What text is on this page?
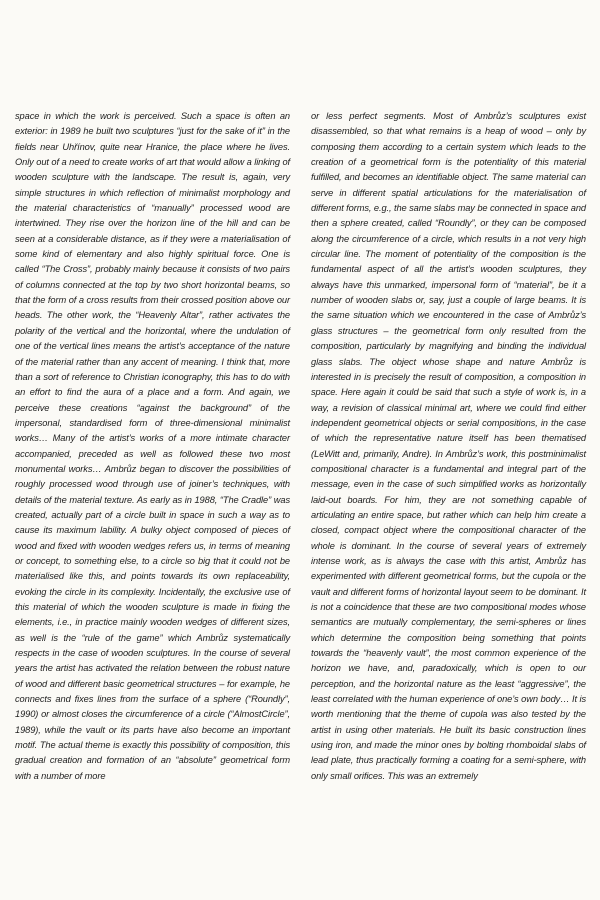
space in which the work is perceived. Such a space is often an exterior: in 1989 he built two sculptures “just for the sake of it” in the fields near Uhřínov, quite near Hranice, the place where he lives. Only out of a need to create works of art that would allow a linking of wooden sculpture with the landscape. The result is, again, very simple structures in which reflection of minimalist morphology and the material characteristics of “manually” processed wood are intertwined. They rise over the horizon line of the hill and can be seen at a considerable distance, as if they were a materialisation of some kind of elementary and also highly spiritual force. One is called “The Cross”, probably mainly because it consists of two pairs of columns connected at the top by two short horizontal beams, so that the form of a cross results from their crossed position above our heads. The other work, the “Heavenly Altar”, rather activates the polarity of the vertical and the horizontal, where the undulation of one of the vertical lines means the artist’s acceptance of the nature of the material rather than any accent of meaning. I think that, more than a sort of reference to Christian iconography, this has to do with an effort to find the aura of a place and a form. And again, we perceive these creations “against the background” of the impersonal, standardised form of three-dimensional minimalist works… Many of the artist’s works of a more intimate character accompanied, preceded as well as followed these two most monumental works… Ambrůz began to discover the possibilities of roughly processed wood through use of joiner’s techniques, with details of the material texture. As early as in 1988, “The Cradle” was created, actually part of a circle built in space in such a way as to cause its maximum lability. A bulky object composed of pieces of wood and fixed with wooden wedges refers us, in terms of meaning or concept, to something else, to a circle so big that it could not be materialised like this, and points towards its own replaceability, evoking the circle in its complexity. Incidentally, the exclusive use of this material of which the wooden sculpture is made in fixing the elements, i.e., in practice mainly wooden wedges of different sizes, as well is the “rule of the game” which Ambrůz systematically respects in the case of wooden sculptures. In the course of several years the artist has activated the relation between the robust nature of wood and different basic geometrical structures – for example, he connects and fixes lines from the surface of a sphere (“Roundly”, 1990) or almost closes the circumference of a circle (“AlmostCircle”, 1989), while the vault or its parts have also become an important motif. The actual theme is exactly this possibility of composition, this gradual creation and formation of an “absolute” geometrical form with a number of more

or less perfect segments. Most of Ambrůz’s sculptures exist disassembled, so that what remains is a heap of wood – only by composing them according to a certain system which leads to the creation of a geometrical form is the potentiality of this material fulfilled, and becomes an identifiable object. The same material can serve in different spatial articulations for the materialisation of different forms, e.g., the same slabs may be connected in space and then a sphere created, called “Roundly”, or they can be composed along the circumference of a circle, which results in a not very high circular line. The moment of potentiality of the composition is the fundamental aspect of all the artist’s wooden sculptures, they always have this unmarked, impersonal form of “material”, be it a number of wooden slabs or, say, just a couple of large beams. It is the same situation which we encountered in the case of Ambrůz’s glass structures – the geometrical form only resulted from the composition, particularly by magnifying and binding the individual glass slabs. The object whose shape and nature Ambrůz is interested in is precisely the result of composition, a composition in space. Here again it could be said that such a style of work is, in a way, a revision of classical minimal art, where we could find either independent geometrical objects or serial compositions, in the case of which the representative nature itself has been thematised (LeWitt and, primarily, Andre). In Ambrůz’s work, this postminimalist compositional character is a fundamental and integral part of the message, even in the case of such simplified works as horizontally laid-out boards. For him, they are not something capable of articulating an entire space, but rather which can help him create a closed, compact object where the compositional character of the whole is dominant. In the course of several years of extremely intense work, as is always the case with this artist, Ambrůz has experimented with different geometrical forms, but the cupola or the vault and different forms of horizontal layout seem to be dominant. It is not a coincidence that these are two compositional modes whose semantics are mutually complementary, the semi-spheres or lines which determine the composition being something that points towards the “heavenly vault”, the most common experience of the horizon we have, and, paradoxically, which is open to our perception, and the horizontal nature as the least “aggressive”, the least correlated with the human experience of one’s own body… It is worth mentioning that the theme of cupola was also tested by the artist in using other materials. He built its basic construction lines using iron, and made the minor ones by bolting rhomboidal slabs of lead plate, thus practically forming a coating for a semi-sphere, with only small orifices. This was an extremely
